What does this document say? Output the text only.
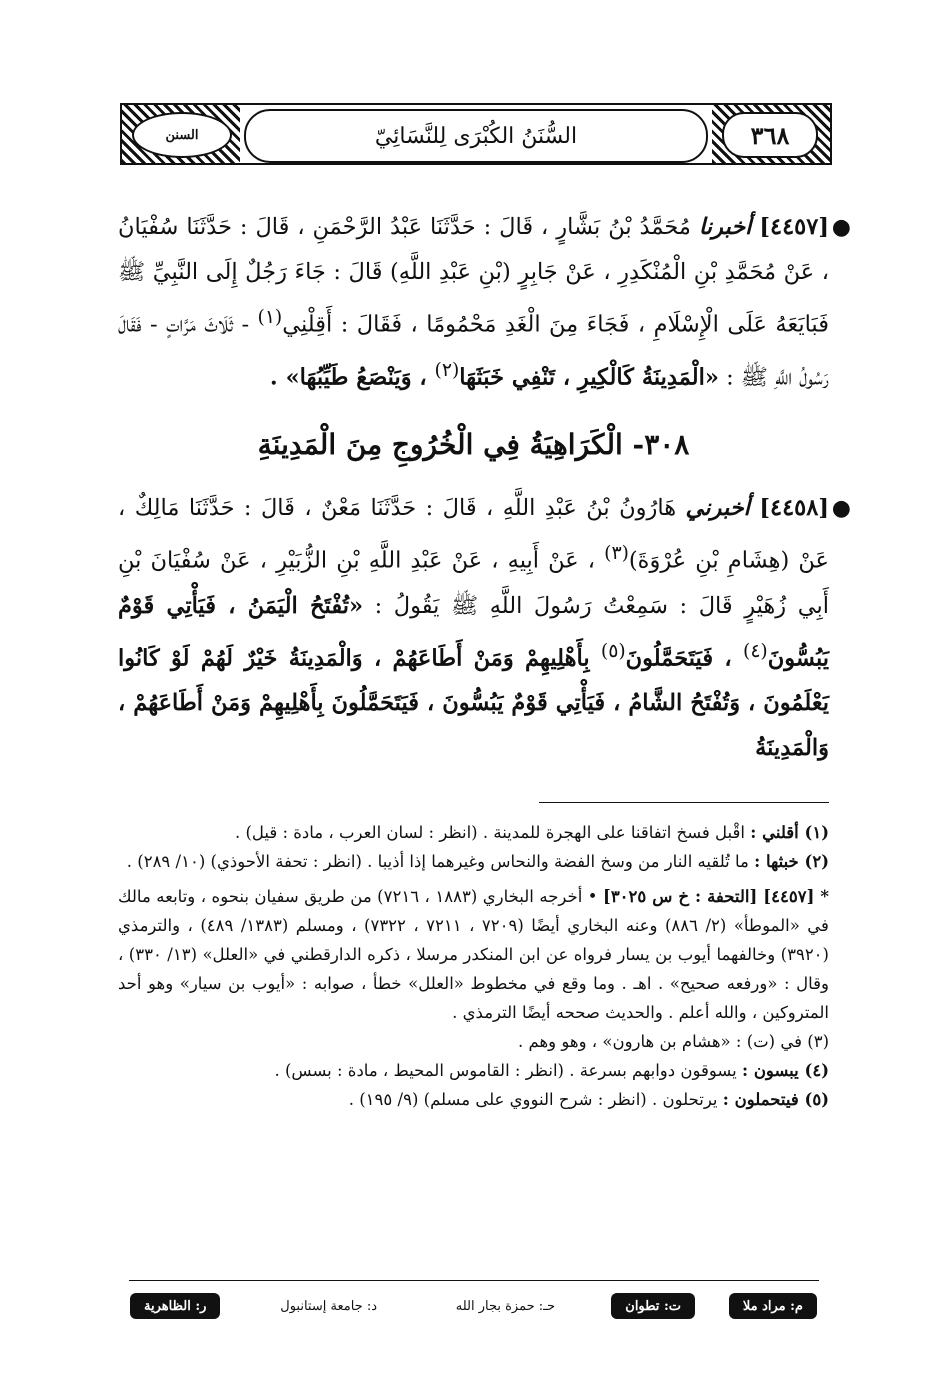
٣٦٨
السُّنَنُ الكُبْرَى لِلنَّسَائِيّ
السنن

●
[٤٤٥٧] أخبرنا مُحَمَّدُ بْنُ بَشَّارٍ ، قَالَ : حَدَّثَنَا عَبْدُ الرَّحْمَنِ ، قَالَ : حَدَّثَنَا سُفْيَانُ ، عَنْ مُحَمَّدِ بْنِ الْمُنْكَدِرِ ، عَنْ جَابِرٍ (بْنِ عَبْدِ اللَّهِ) قَالَ : جَاءَ رَجُلٌ إِلَى النَّبِيِّ ﷺ فَبَايَعَهُ عَلَى الْإِسْلَامِ ، فَجَاءَ مِنَ الْغَدِ مَحْمُومًا ، فَقَالَ : أَقِلْنِي$^{(١)}$ - ثَلَاثَ مَرَّاتٍ - فَقَالَ رَسُولُ اللَّهِ ﷺ : «الْمَدِينَةُ كَالْكِيرِ ، تَنْفِي خَبَثَهَا$^{(٢)}$ ، وَيَنْصَعُ طَيِّبُهَا» .

٣٠٨- الْكَرَاهِيَةُ فِي الْخُرُوجِ مِنَ الْمَدِينَةِ

●
[٤٤٥٨] أخبرني هَارُونُ بْنُ عَبْدِ اللَّهِ ، قَالَ : حَدَّثَنَا مَعْنٌ ، قَالَ : حَدَّثَنَا مَالِكٌ ، عَنْ (هِشَامِ بْنِ عُرْوَةَ)$^{(٣)}$ ، عَنْ أَبِيهِ ، عَنْ عَبْدِ اللَّهِ بْنِ الزُّبَيْرِ ، عَنْ سُفْيَانَ بْنِ أَبِي زُهَيْرٍ قَالَ : سَمِعْتُ رَسُولَ اللَّهِ ﷺ يَقُولُ : «تُفْتَحُ الْيَمَنُ ، فَيَأْتِي قَوْمٌ يَبُسُّونَ$^{(٤)}$ ، فَيَتَحَمَّلُونَ$^{(٥)}$ بِأَهْلِيهِمْ وَمَنْ أَطَاعَهُمْ ، وَالْمَدِينَةُ خَيْرٌ لَهُمْ لَوْ كَانُوا يَعْلَمُونَ ، وَتُفْتَحُ الشَّامُ ، فَيَأْتِي قَوْمٌ يَبُسُّونَ ، فَيَتَحَمَّلُونَ بِأَهْلِيهِمْ وَمَنْ أَطَاعَهُمْ ، وَالْمَدِينَةُ

(١) أقلني : اقْبل فسخ اتفاقنا على الهجرة للمدينة . (انظر : لسان العرب ، مادة : قيل) .

(٢) خبثها : ما تُلقيه النار من وسخ الفضة والنحاس وغيرهما إذا أذيبا . (انظر : تحفة الأحوذي) (١٠/ ٢٨٩) .

* [٤٤٥٧] [التحفة : خ س ٣٠٢٥] • أخرجه البخاري (١٨٨٣ ، ٧٢١٦) من طريق سفيان بنحوه ، وتابعه مالك في «الموطأ» (٢/ ٨٨٦) وعنه البخاري أيضًا (٧٢٠٩ ، ٧٢١١ ، ٧٣٢٢) ، ومسلم (١٣٨٣/ ٤٨٩) ، والترمذي (٣٩٢٠) وخالفهما أيوب بن يسار فرواه عن ابن المنكدر مرسلا ، ذكره الدارقطني في «العلل» (١٣/ ٣٣٠) ، وقال : «ورفعه صحيح» . اهـ . وما وقع في مخطوط «العلل» خطأ ، صوابه : «أيوب بن سيار» وهو أحد المتروكين ، والله أعلم . والحديث صححه أيضًا الترمذي .

(٣) في (ت) : «هشام بن هارون» ، وهو وهم .

(٤) يبسون : يسوقون دوابهم بسرعة . (انظر : القاموس المحيط ، مادة : بسس) .

(٥) فيتحملون : يرتحلون . (انظر : شرح النووي على مسلم) (٩/ ١٩٥) .

م: مراد ملا
ت: تطوان
حـ: حمزة بجار الله
د: جامعة إستانبول
ر: الظاهرية
